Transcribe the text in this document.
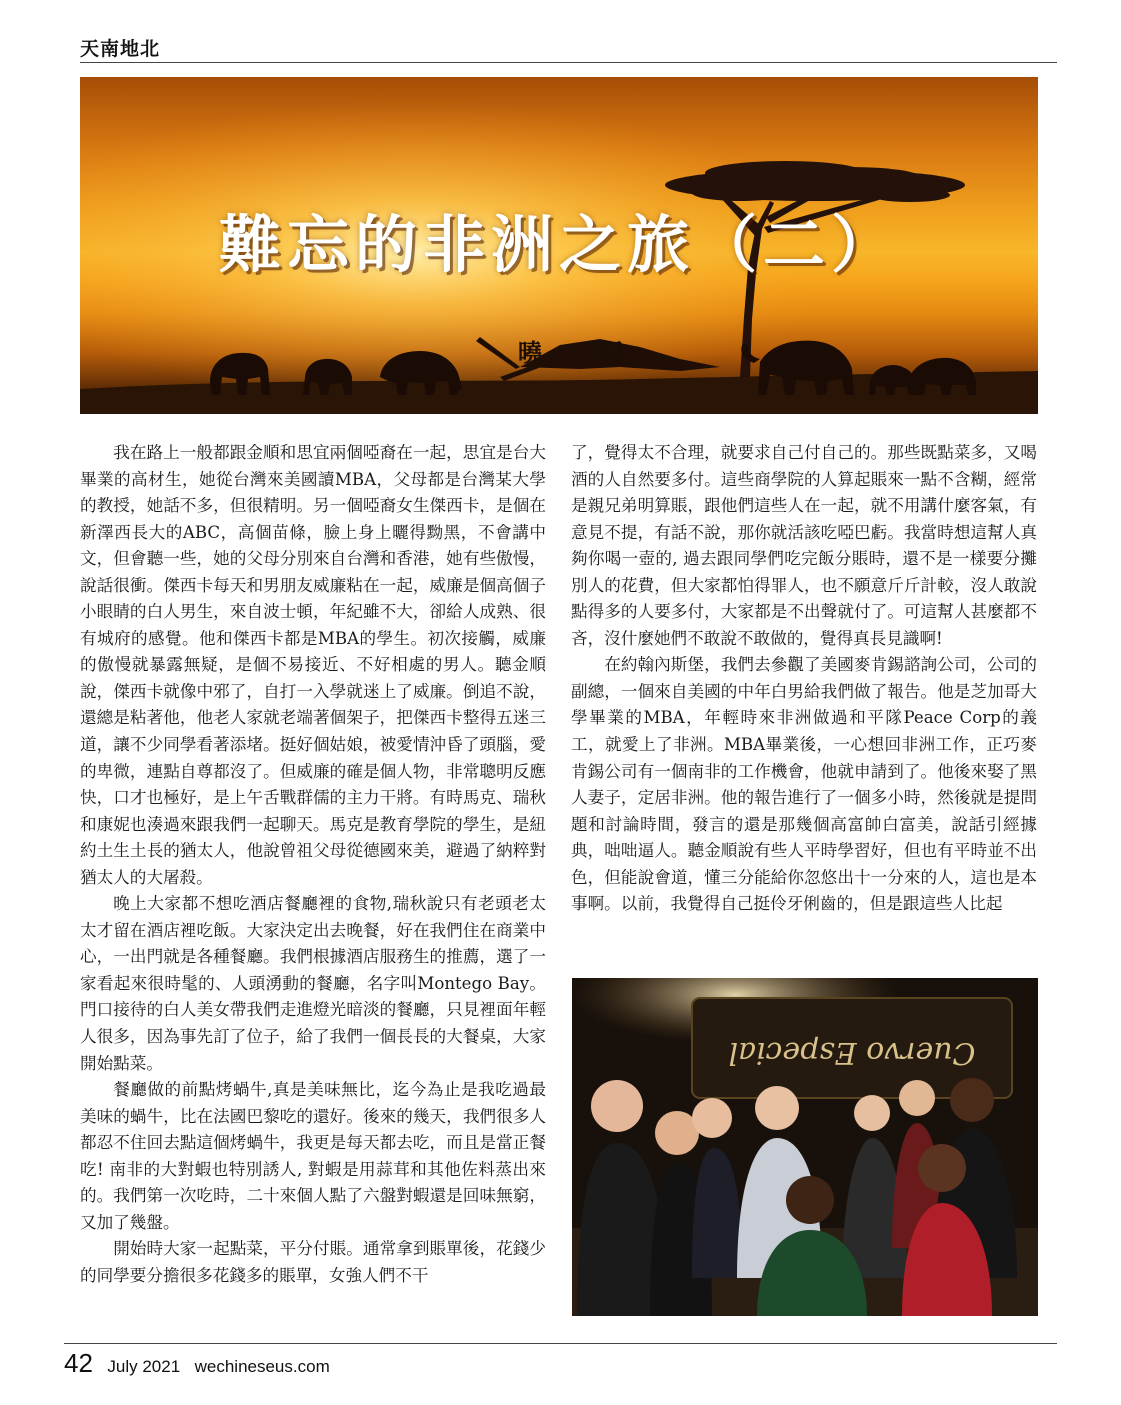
天南地北
難忘的非洲之旅（二）
曉 明

我在路上一般都跟金順和思宜兩個啞裔在一起，思宜是台大畢業的高材生，她從台灣來美國讀MBA，父母都是台灣某大學的教授，她話不多，但很精明。另一個啞裔女生傑西卡，是個在新澤西長大的ABC，高個苗條，臉上身上曬得黝黑，不會講中文，但會聽一些，她的父母分別來自台灣和香港，她有些傲慢，說話很衝。傑西卡每天和男朋友威廉粘在一起，威廉是個高個子小眼睛的白人男生，來自波士頓，年紀雖不大，卻給人成熟、很有城府的感覺。他和傑西卡都是MBA的學生。初次接觸，威廉的傲慢就暴露無疑，是個不易接近、不好相處的男人。聽金順說，傑西卡就像中邪了，自打一入學就迷上了威廉。倒追不說，還總是粘著他，他老人家就老端著個架子，把傑西卡整得五迷三道，讓不少同學看著添堵。挺好個姑娘，被愛情沖昏了頭腦，愛的卑微，連點自尊都沒了。但威廉的確是個人物，非常聰明反應快，口才也極好，是上午舌戰群儒的主力干將。有時馬克、瑞秋和康妮也湊過來跟我們一起聊天。馬克是教育學院的學生，是紐約土生土長的猶太人，他說曾祖父母從德國來美，避過了納粹對猶太人的大屠殺。

晚上大家都不想吃酒店餐廳裡的食物,瑞秋說只有老頭老太太才留在酒店裡吃飯。大家決定出去晚餐，好在我們住在商業中心，一出門就是各種餐廳。我們根據酒店服務生的推薦，選了一家看起來很時髦的、人頭湧動的餐廳，名字叫Montego Bay。門口接待的白人美女帶我們走進燈光暗淡的餐廳，只見裡面年輕人很多，因為事先訂了位子，給了我們一個長長的大餐桌，大家開始點菜。

餐廳做的前點烤蝸牛,真是美味無比，迄今為止是我吃過最美味的蝸牛，比在法國巴黎吃的還好。後來的幾天，我們很多人都忍不住回去點這個烤蝸牛，我更是每天都去吃，而且是當正餐吃! 南非的大對蝦也特別誘人, 對蝦是用蒜茸和其他佐料蒸出來的。我們第一次吃時，二十來個人點了六盤對蝦還是回味無窮，又加了幾盤。

開始時大家一起點菜，平分付賬。通常拿到賬單後，花錢少的同學要分擔很多花錢多的賬單，女強人們不干

了，覺得太不合理，就要求自己付自己的。那些既點菜多，又喝酒的人自然要多付。這些商學院的人算起賬來一點不含糊，經常是親兄弟明算賬，跟他們這些人在一起，就不用講什麼客氣，有意見不提，有話不說，那你就活該吃啞巴虧。我當時想這幫人真夠你喝一壺的, 過去跟同學們吃完飯分賬時，還不是一樣要分攤別人的花費，但大家都怕得罪人，也不願意斤斤計較，沒人敢說點得多的人要多付，大家都是不出聲就付了。可這幫人甚麼都不吝，沒什麼她們不敢說不敢做的，覺得真長見識啊!

在約翰內斯堡，我們去參觀了美國麥肯錫諮詢公司，公司的副總，一個來自美國的中年白男給我們做了報告。他是芝加哥大學畢業的MBA，年輕時來非洲做過和平隊Peace Corp的義工，就愛上了非洲。MBA畢業後，一心想回非洲工作，正巧麥肯錫公司有一個南非的工作機會，他就申請到了。他後來娶了黑人妻子，定居非洲。他的報告進行了一個多小時，然後就是提問題和討論時間，發言的還是那幾個高富帥白富美，說話引經據典，咄咄逼人。聽金順說有些人平時學習好，但也有平時並不出色，但能說會道，懂三分能給你忽悠出十一分來的人，這也是本事啊。以前，我覺得自己挺伶牙俐齒的，但是跟這些人比起

Cuervo Especial
42 July 2021 wechineseus.com
